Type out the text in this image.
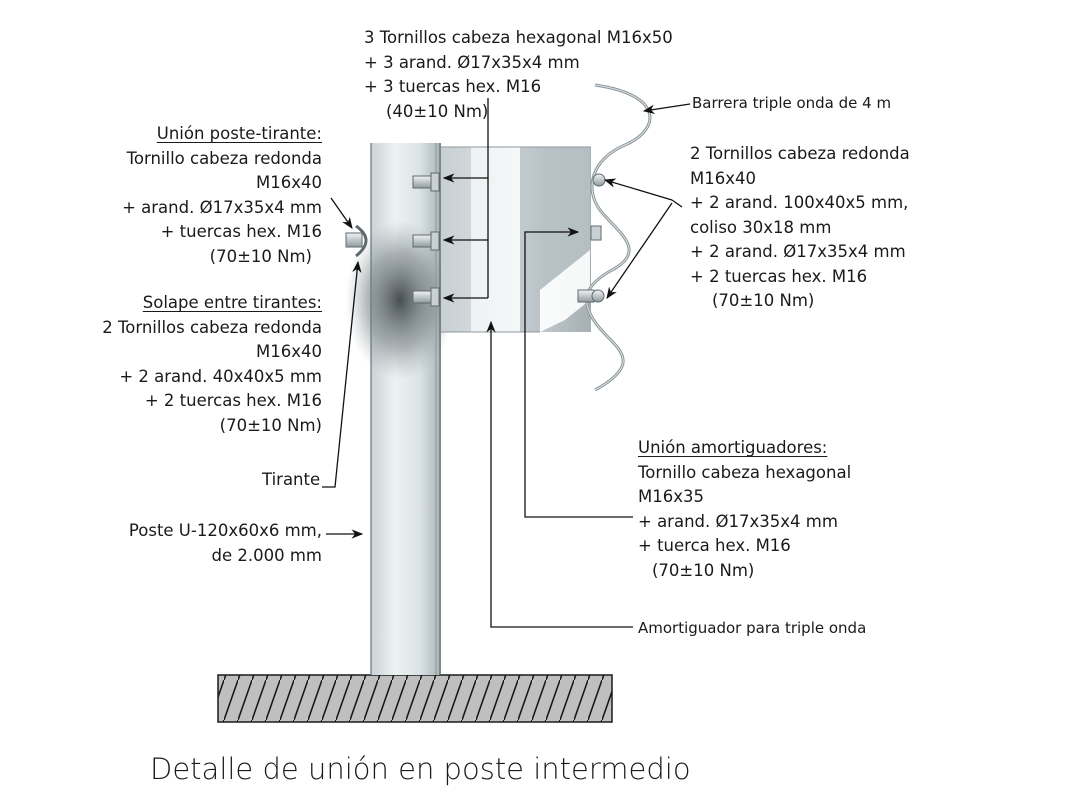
3 Tornillos cabeza hexagonal M16x50
+ 3 arand. Ø17x35x4 mm
+ 3 tuercas hex. M16
(40±10 Nm)	Barrera triple onda de 4 m
Unión poste-tirante:
Tornillo cabeza redonda
M16x40
+ arand. Ø17x35x4 mm
+ tuercas hex. M16
(70±10 Nm)
2 Tornillos cabeza redonda
M16x40
+ 2 arand. 100x40x5 mm,
coliso 30x18 mm
+ 2 arand. Ø17x35x4 mm
+ 2 tuercas hex. M16
(70±10 Nm)
Solape entre tirantes:
2 Tornillos cabeza redonda
M16x40
+ 2 arand. 40x40x5 mm
+ 2 tuercas hex. M16
(70±10 Nm)
Tirante
Unión amortiguadores:
Tornillo cabeza hexagonal
M16x35
+ arand. Ø17x35x4 mm
+ tuerca hex. M16
(70±10 Nm)
Poste U-120x60x6 mm,
de 2.000 mm
Amortiguador para triple onda
Detalle de unión en poste intermedio
